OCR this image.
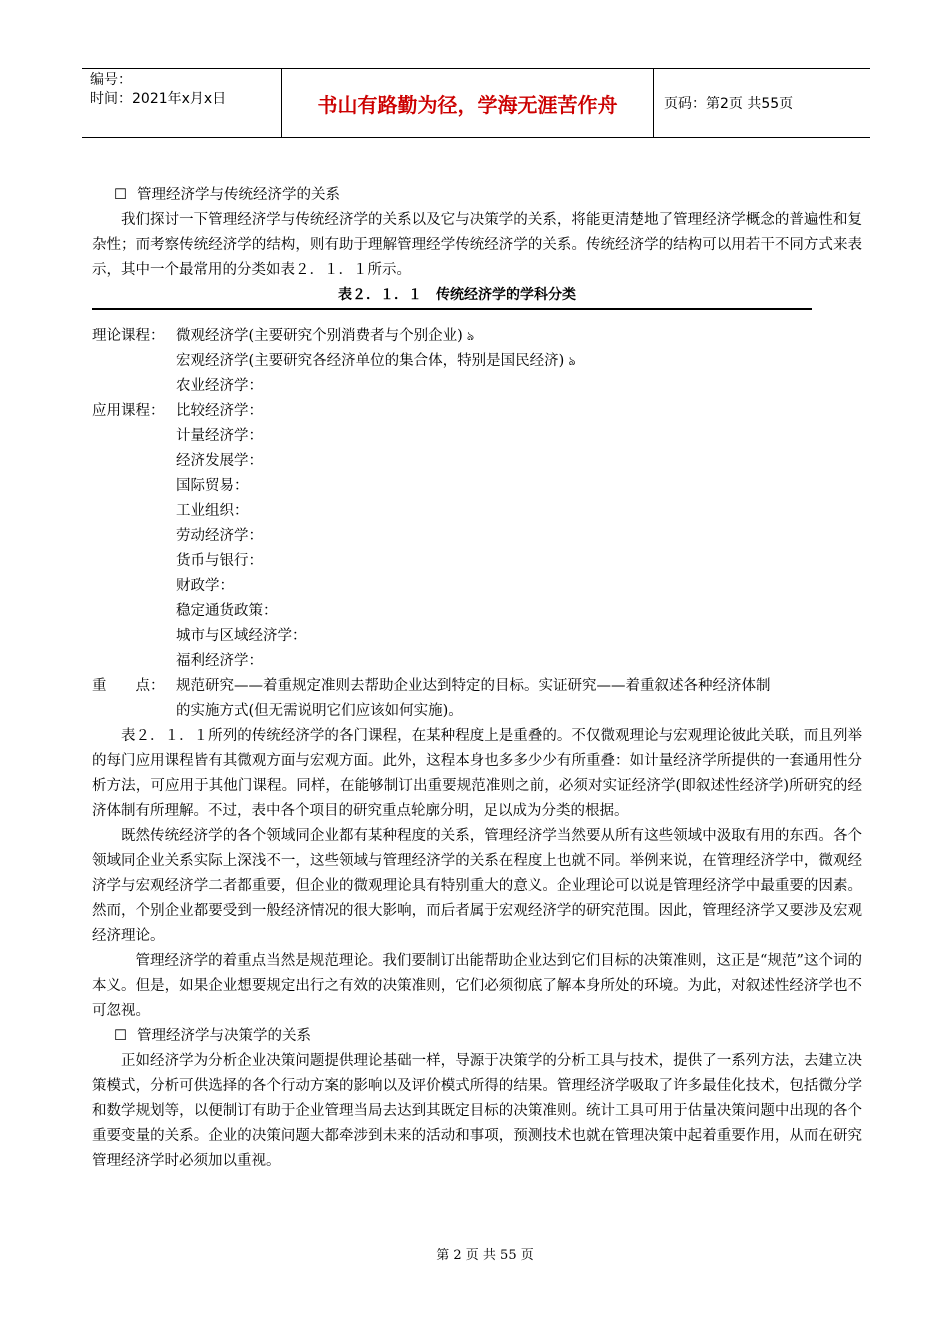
编号：
时间：2021年x月x日	书山有路勤为径，学海无涯苦作舟	页码：第2页 共55页
☐ 管理经济学与传统经济学的关系

我们探讨一下管理经济学与传统经济学的关系以及它与决策学的关系，将能更清楚地了管理经济学概念的普遍性和复杂性；而考察传统经济学的结构，则有助于理解管理经学传统经济学的关系。传统经济学的结构可以用若干不同方式来表示，其中一个最常用的分类如表２．１．１所示。

表２．１．１　传统经济学的学科分类
理论课程： 微观经济学(主要研究个别消费者与个别企业) ঌ
宏观经济学(主要研究各经济单位的集合体，特别是国民经济) ঌ
农业经济学：
应用课程： 比较经济学：
计量经济学：
经济发展学：
国际贸易：
工业组织：
劳动经济学：
货币与银行：
财政学：
稳定通货政策：
城市与区域经济学：
福利经济学：
重　　点： 规范研究——着重规定准则去帮助企业达到特定的目标。实证研究——着重叙述各种经济体制
的实施方式(但无需说明它们应该如何实施)。

表２．１．１所列的传统经济学的各门课程，在某种程度上是重叠的。不仅微观理论与宏观理论彼此关联，而且列举的每门应用课程皆有其微观方面与宏观方面。此外，这程本身也多多少少有所重叠：如计量经济学所提供的一套通用性分析方法，可应用于其他门课程。同样，在能够制订出重要规范准则之前，必须对实证经济学(即叙述性经济学)所研究的经济体制有所理解。不过，表中各个项目的研究重点轮廓分明，足以成为分类的根据。

既然传统经济学的各个领域同企业都有某种程度的关系，管理经济学当然要从所有这些领域中汲取有用的东西。各个领域同企业关系实际上深浅不一，这些领域与管理经济学的关系在程度上也就不同。举例来说，在管理经济学中，微观经济学与宏观经济学二者都重要，但企业的微观理论具有特别重大的意义。企业理论可以说是管理经济学中最重要的因素。然而，个别企业都要受到一般经济情况的很大影响，而后者属于宏观经济学的研究范围。因此，管理经济学又要涉及宏观经济理论。

管理经济学的着重点当然是规范理论。我们要制订出能帮助企业达到它们目标的决策准则，这正是“规范”这个词的本义。但是，如果企业想要规定出行之有效的决策准则，它们必须彻底了解本身所处的环境。为此，对叙述性经济学也不可忽视。

☐ 管理经济学与决策学的关系

正如经济学为分析企业决策问题提供理论基础一样，导源于决策学的分析工具与技术，提供了一系列方法，去建立决策模式，分析可供选择的各个行动方案的影响以及评价模式所得的结果。管理经济学吸取了许多最佳化技术，包括微分学和数学规划等，以便制订有助于企业管理当局去达到其既定目标的决策准则。统计工具可用于估量决策问题中出现的各个重要变量的关系。企业的决策问题大都牵涉到未来的活动和事项，预测技术也就在管理决策中起着重要作用，从而在研究管理经济学时必须加以重视。

第 2 页 共 55 页
